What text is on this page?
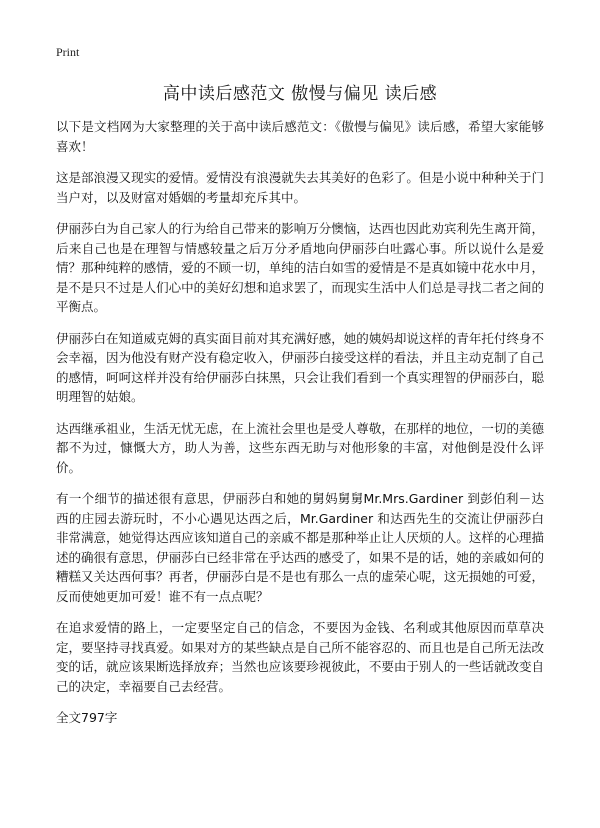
Print
高中读后感范文 傲慢与偏见 读后感

以下是文档网为大家整理的关于高中读后感范文：《傲慢与偏见》读后感，希望大家能够喜欢！

这是部浪漫又现实的爱情。爱情没有浪漫就失去其美好的色彩了。但是小说中种种关于门当户对，以及财富对婚姻的考量却充斥其中。

伊丽莎白为自己家人的行为给自己带来的影响万分懊恼，达西也因此劝宾利先生离开简，后来自己也是在理智与情感较量之后万分矛盾地向伊丽莎白吐露心事。所以说什么是爱情？那种纯粹的感情，爱的不顾一切，单纯的洁白如雪的爱情是不是真如镜中花水中月，是不是只不过是人们心中的美好幻想和追求罢了，而现实生活中人们总是寻找二者之间的平衡点。

伊丽莎白在知道威克姆的真实面目前对其充满好感，她的姨妈却说这样的青年托付终身不会幸福，因为他没有财产没有稳定收入，伊丽莎白接受这样的看法，并且主动克制了自己的感情，呵呵这样并没有给伊丽莎白抹黑，只会让我们看到一个真实理智的伊丽莎白，聪明理智的姑娘。

达西继承祖业，生活无忧无虑，在上流社会里也是受人尊敬，在那样的地位，一切的美德都不为过，慷慨大方，助人为善，这些东西无助与对他形象的丰富，对他倒是没什么评价。

有一个细节的描述很有意思，伊丽莎白和她的舅妈舅舅Mr.Mrs.Gardiner 到彭伯利－达西的庄园去游玩时，不小心遇见达西之后，Mr.Gardiner 和达西先生的交流让伊丽莎白非常满意，她觉得达西应该知道自己的亲戚不都是那种举止让人厌烦的人。这样的心理描述的确很有意思，伊丽莎白已经非常在乎达西的感受了，如果不是的话，她的亲戚如何的糟糕又关达西何事？再者，伊丽莎白是不是也有那么一点的虚荣心呢，这无损她的可爱，反而使她更加可爱！谁不有一点点呢？

在追求爱情的路上，一定要坚定自己的信念，不要因为金钱、名利或其他原因而草草决定，要坚持寻找真爱。如果对方的某些缺点是自己所不能容忍的、而且也是自己所无法改变的话，就应该果断选择放弃；当然也应该要珍视彼此，不要由于别人的一些话就改变自己的决定，幸福要自己去经营。

全文797字
